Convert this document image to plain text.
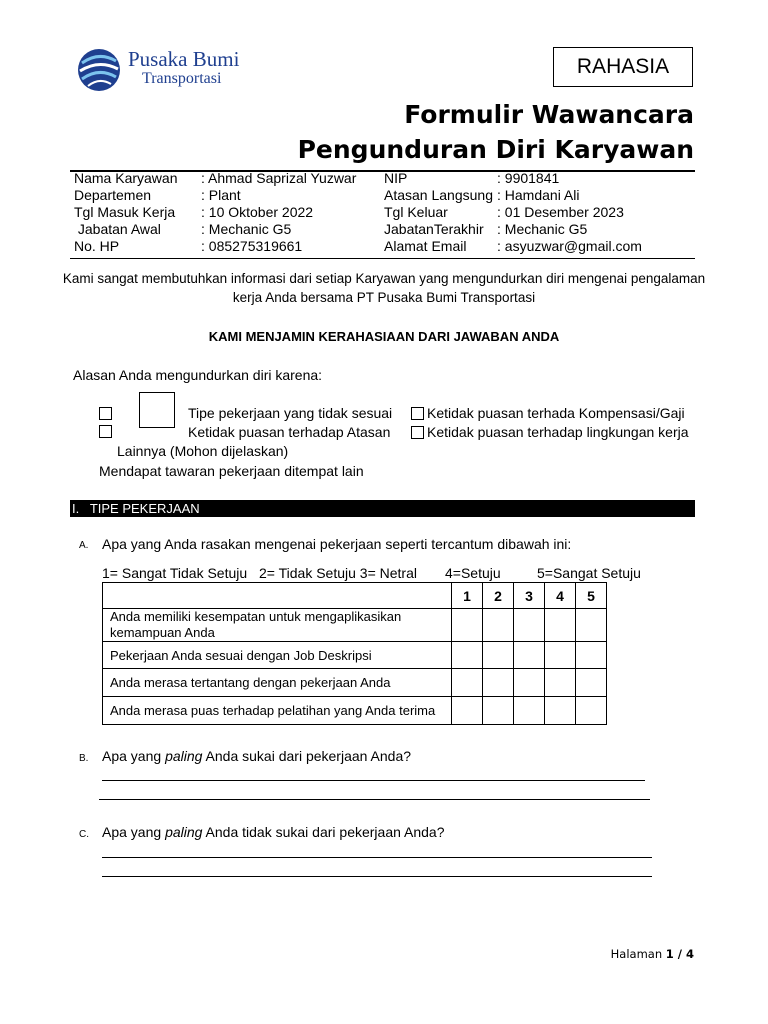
Pusaka Bumi
Transportasi
RAHASIA
Formulir Wawancara
Pengunduran Diri Karyawan
Nama Karyawan : Ahmad Saprizal Yuzwar NIP	: 9901841
Departemen	: Plant	Atasan Langsung : Hamdani Ali
Tgl Masuk Kerja : 10 Oktober 2022	Tgl Keluar	: 01 Desember 2023
Jabatan Awal	: Mechanic G5	JabatanTerakhir : Mechanic G5
No. HP	: 085275319661	Alamat Email : asyuzwar@gmail.com
Kami sangat membutuhkan informasi dari setiap Karyawan yang mengundurkan diri mengenai pengalaman
kerja Anda bersama PT Pusaka Bumi Transportasi
KAMI MENJAMIN KERAHASIAAN DARI JAWABAN ANDA
Alasan Anda mengundurkan diri karena:
Tipe pekerjaan yang tidak sesuai
Ketidak puasan terhadap Atasan
Ketidak puasan terhada Kompensasi/Gaji
Ketidak puasan terhadap lingkungan kerja
Lainnya (Mohon dijelaskan)
Mendapat tawaran pekerjaan ditempat lain
I.   TIPE PEKERJAAN
A. Apa yang Anda rasakan mengenai pekerjaan seperti tercantum dibawah ini:
1= Sangat Tidak Setuju 2= Tidak Setuju 3= Netral 4=Setuju	5=Sangat Setuju
	1	2	3	4	5
Anda memiliki kesempatan untuk mengaplikasikan kemampuan Anda					
Pekerjaan Anda sesuai dengan Job Deskripsi					
Anda merasa tertantang dengan pekerjaan Anda					
Anda merasa puas terhadap pelatihan yang Anda terima					
B. Apa yang paling Anda sukai dari pekerjaan Anda?
C. Apa yang paling Anda tidak sukai dari pekerjaan Anda?
Halaman 1 / 4
